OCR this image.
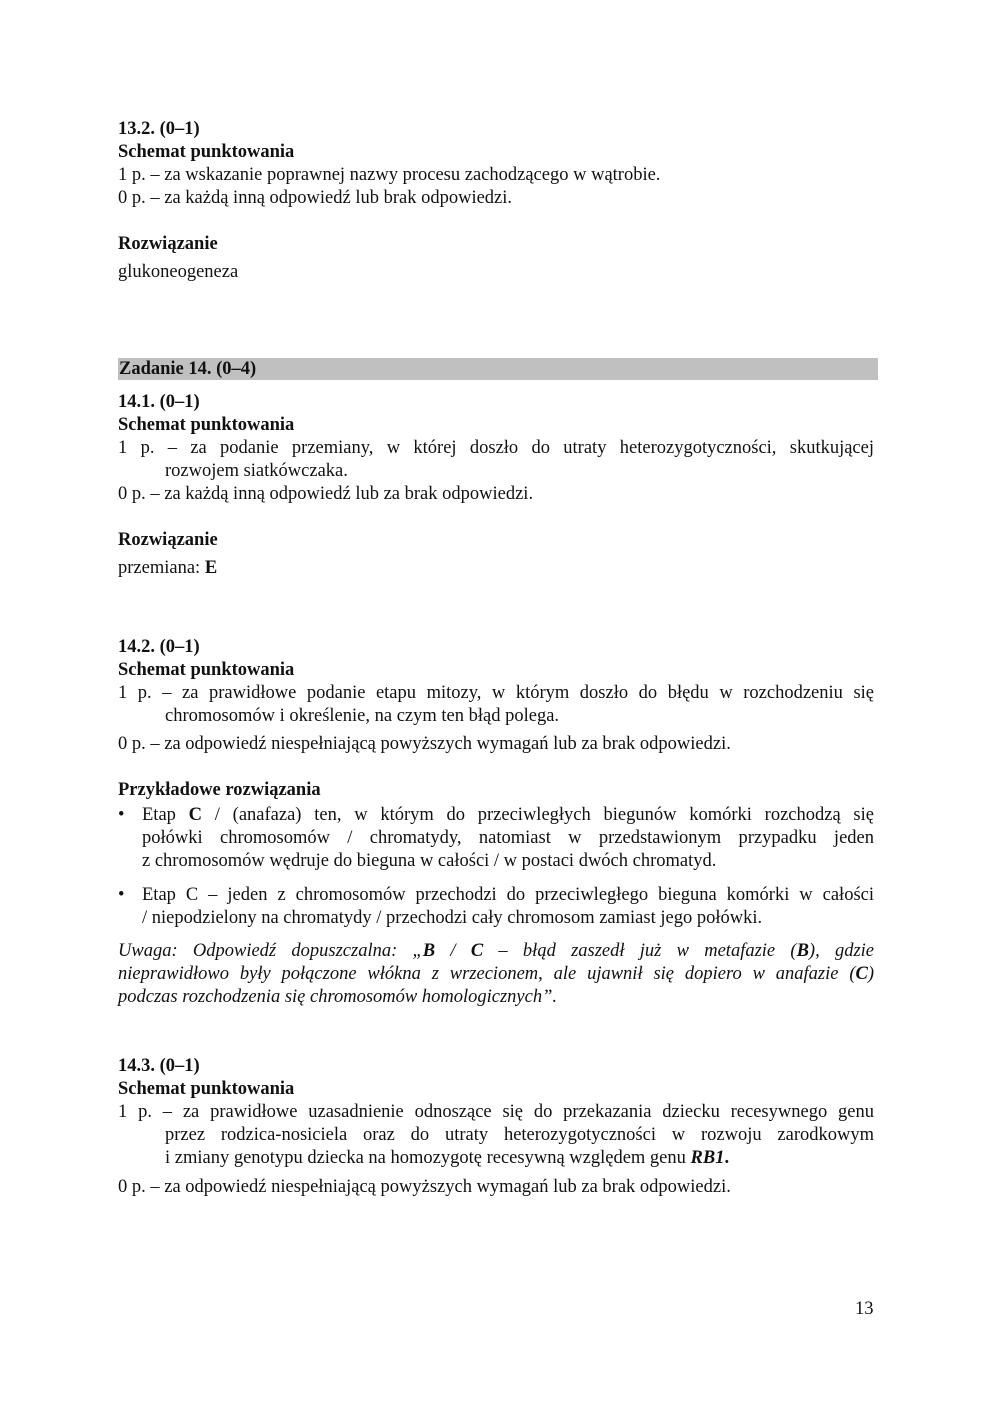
13.2. (0–1)
Schemat punktowania
1 p. – za wskazanie poprawnej nazwy procesu zachodzącego w wątrobie.
0 p. – za każdą inną odpowiedź lub brak odpowiedzi.
Rozwiązanie
glukoneogeneza
Zadanie 14. (0–4)
14.1. (0–1)
Schemat punktowania
1 p. – za podanie przemiany, w której doszło do utraty heterozygotyczności, skutkującej
rozwojem siatkówczaka.
0 p. – za każdą inną odpowiedź lub za brak odpowiedzi.
Rozwiązanie
przemiana: E
14.2. (0–1)
Schemat punktowania
1 p. – za prawidłowe podanie etapu mitozy, w którym doszło do błędu w rozchodzeniu się
chromosomów i określenie, na czym ten błąd polega.
0 p. – za odpowiedź niespełniającą powyższych wymagań lub za brak odpowiedzi.
Przykładowe rozwiązania
• Etap C / (anafaza) ten, w którym do przeciwległych biegunów komórki rozchodzą się
połówki chromosomów / chromatydy, natomiast w przedstawionym przypadku jeden
z chromosomów wędruje do bieguna w całości / w postaci dwóch chromatyd.
• Etap C – jeden z chromosomów przechodzi do przeciwległego bieguna komórki w całości
/ niepodzielony na chromatydy / przechodzi cały chromosom zamiast jego połówki.
Uwaga: Odpowiedź dopuszczalna: „B / C – błąd zaszedł już w metafazie (B), gdzie
nieprawidłowo były połączone włókna z wrzecionem, ale ujawnił się dopiero w anafazie (C)
podczas rozchodzenia się chromosomów homologicznych”.
14.3. (0–1)
Schemat punktowania
1 p. – za prawidłowe uzasadnienie odnoszące się do przekazania dziecku recesywnego genu
przez rodzica-nosiciela oraz do utraty heterozygotyczności w rozwoju zarodkowym
i zmiany genotypu dziecka na homozygotę recesywną względem genu RB1.
0 p. – za odpowiedź niespełniającą powyższych wymagań lub za brak odpowiedzi.
13
